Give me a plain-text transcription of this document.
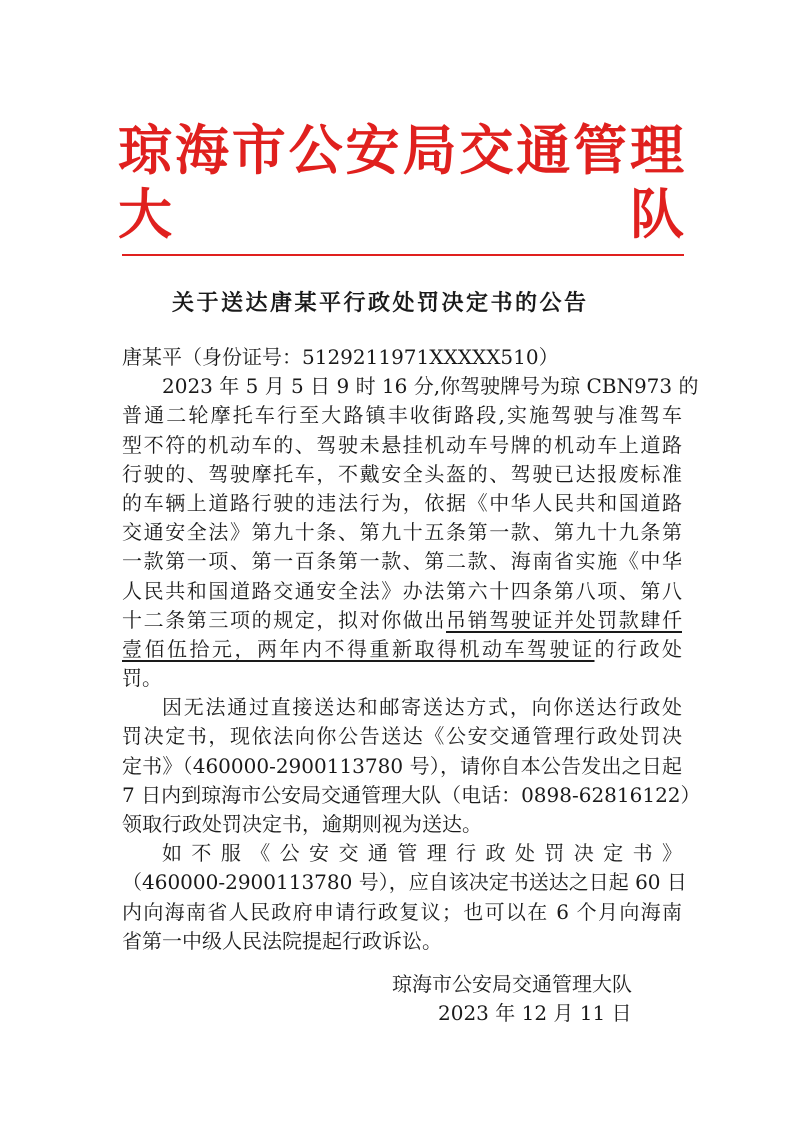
琼海市公安局交通管理大队
关于送达唐某平行政处罚决定书的公告
唐某平（身份证号：5129211971XXXXX510）
2023 年 5 月 5 日 9 时 16 分,你驾驶牌号为琼 CBN973 的
普通二轮摩托车行至大路镇丰收街路段,实施驾驶与准驾车
型不符的机动车的、驾驶未悬挂机动车号牌的机动车上道路
行驶的、驾驶摩托车，不戴安全头盔的、驾驶已达报废标准
的车辆上道路行驶的违法行为，依据《中华人民共和国道路
交通安全法》第九十条、第九十五条第一款、第九十九条第
一款第一项、第一百条第一款、第二款、海南省实施《中华
人民共和国道路交通安全法》办法第六十四条第八项、第八
十二条第三项的规定，拟对你做出吊销驾驶证并处罚款肆仟
壹佰伍拾元，两年内不得重新取得机动车驾驶证的行政处
罚。
因无法通过直接送达和邮寄送达方式，向你送达行政处
罚决定书，现依法向你公告送达《公安交通管理行政处罚决
定书》（460000-2900113780 号），请你自本公告发出之日起
7 日内到琼海市公安局交通管理大队（电话：0898-62816122）
领取行政处罚决定书，逾期则视为送达。
如不服《公安交通管理行政处罚决定书》
（460000-2900113780 号），应自该决定书送达之日起 60 日
内向海南省人民政府申请行政复议；也可以在 6 个月向海南
省第一中级人民法院提起行政诉讼。
琼海市公安局交通管理大队
2023 年 12 月 11 日
